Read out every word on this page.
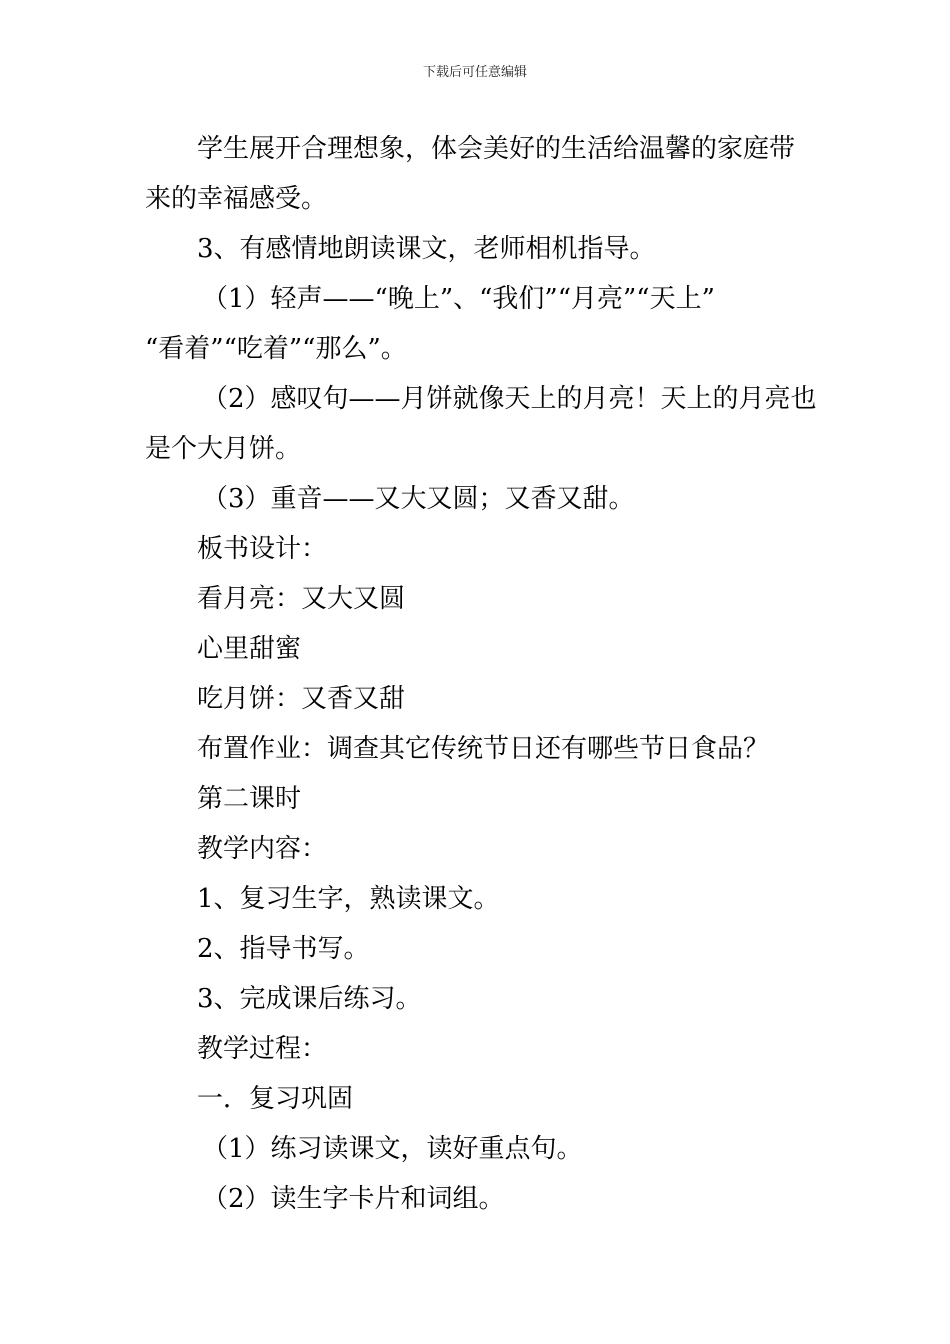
下载后可任意编辑
学生展开合理想象，体会美好的生活给温馨的家庭带
来的幸福感受。
3、有感情地朗读课文，老师相机指导。
（1）轻声——“晚上”、“我们”“月亮”“天上”
“看着”“吃着”“那么”。
（2）感叹句——月饼就像天上的月亮！天上的月亮也
是个大月饼。
（3）重音——又大又圆；又香又甜。
板书设计：
看月亮：又大又圆
心里甜蜜
吃月饼：又香又甜
布置作业：调查其它传统节日还有哪些节日食品？
第二课时
教学内容：
1、复习生字，熟读课文。
2、指导书写。
3、完成课后练习。
教学过程：
一．复习巩固
（1）练习读课文，读好重点句。
（2）读生字卡片和词组。
